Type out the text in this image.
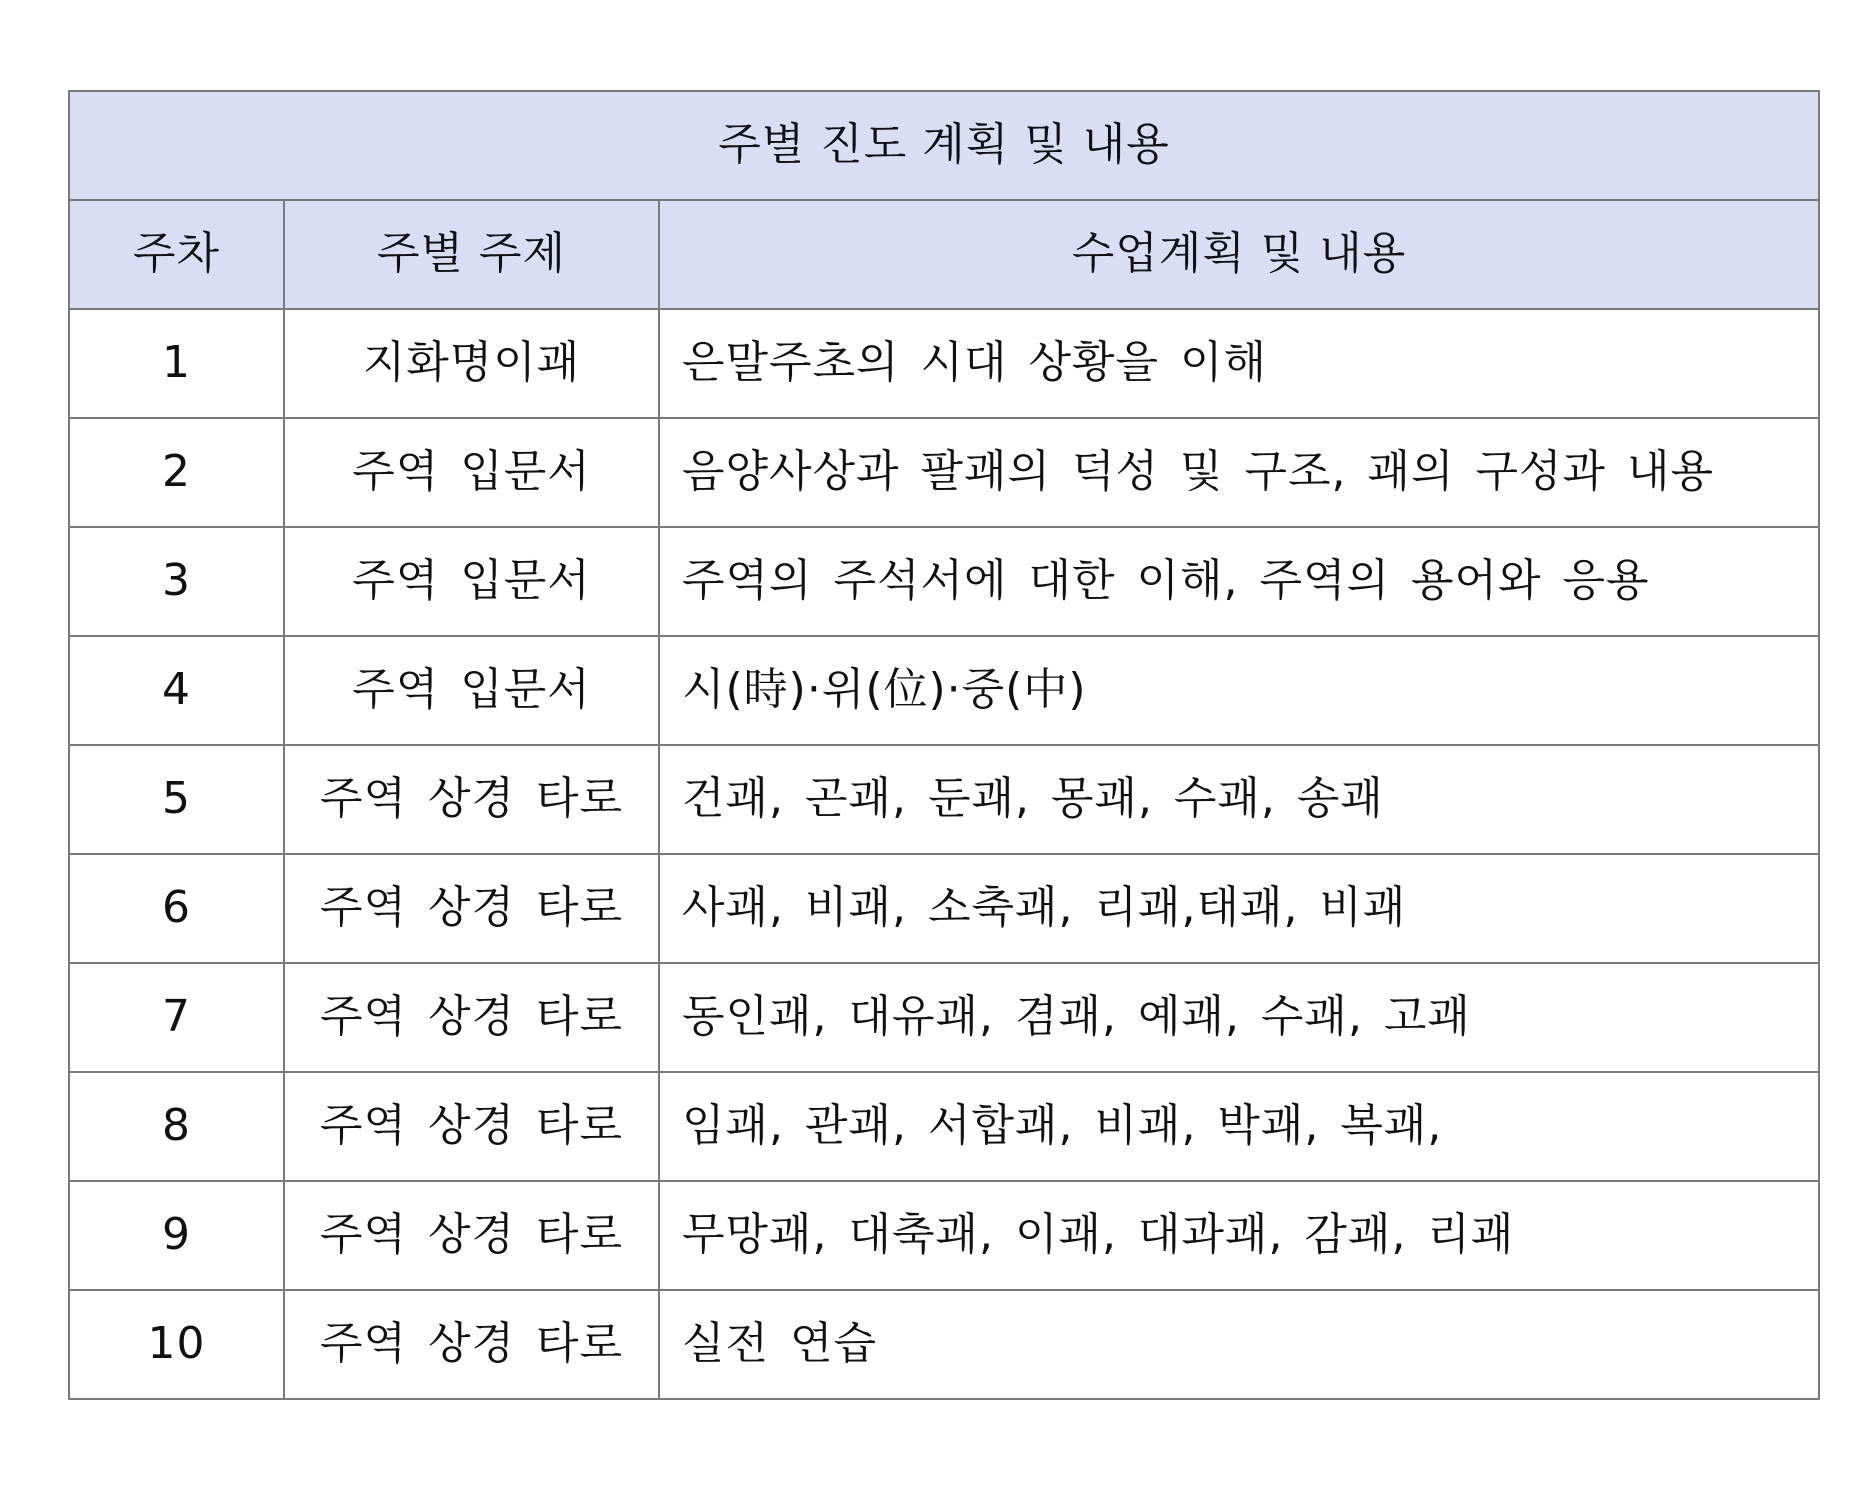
주별 진도 계획 및 내용		
주차	주별 주제	수업계획 및 내용
1	지화명이괘	은말주초의 시대 상황을 이해
2	주역 입문서	음양사상과 팔괘의 덕성 및 구조, 괘의 구성과 내용
3	주역 입문서	주역의 주석서에 대한 이해, 주역의 용어와 응용
4	주역 입문서	시(時)·위(位)·중(中)
5	주역 상경 타로	건괘, 곤괘, 둔괘, 몽괘, 수괘, 송괘
6	주역 상경 타로	사괘, 비괘, 소축괘, 리괘,태괘, 비괘
7	주역 상경 타로	동인괘, 대유괘, 겸괘, 예괘, 수괘, 고괘
8	주역 상경 타로	임괘, 관괘, 서합괘, 비괘, 박괘, 복괘,
9	주역 상경 타로	무망괘, 대축괘, 이괘, 대과괘, 감괘, 리괘
10	주역 상경 타로	실전 연습
